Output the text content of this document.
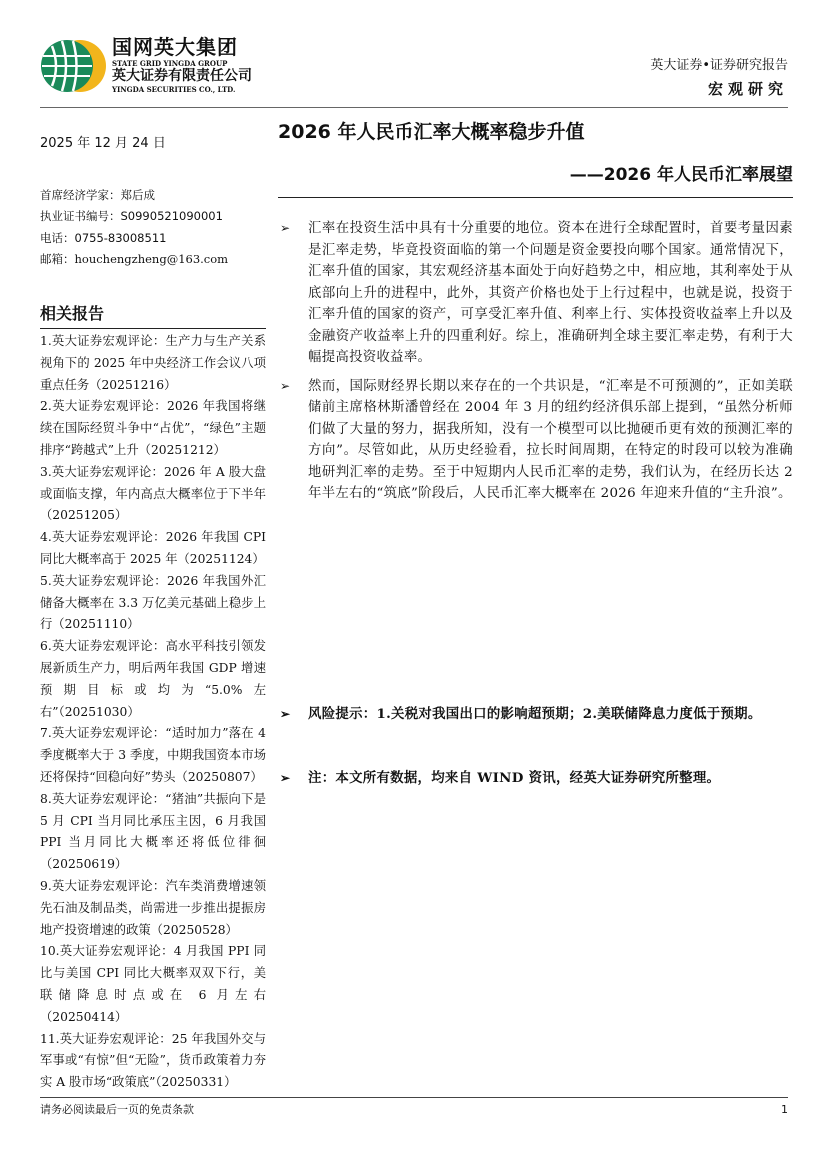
国网英大集团
STATE GRID YINGDA GROUP
英大证券有限责任公司
YINGDA SECURITIES CO., LTD.
英大证券•证券研究报告
宏观研究
2025 年 12 月 24 日
2026 年人民币汇率大概率稳步升值
——2026 年人民币汇率展望
首席经济学家：郑后成
执业证书编号：S0990521090001
电话：0755-83008511
邮箱：houchengzheng@163.com
相关报告
1.英大证券宏观评论：生产力与生产关系视角下的 2025 年中央经济工作会议八项重点任务（20251216）
2.英大证券宏观评论：2026 年我国将继续在国际经贸斗争中“占优”，“绿色”主题排序“跨越式”上升（20251212）
3.英大证券宏观评论：2026 年 A 股大盘或面临支撑，年内高点大概率位于下半年（20251205）
4.英大证券宏观评论：2026 年我国 CPI 同比大概率高于 2025 年（20251124）
5.英大证券宏观评论：2026 年我国外汇储备大概率在 3.3 万亿美元基础上稳步上行（20251110）
6.英大证券宏观评论：高水平科技引领发展新质生产力，明后两年我国 GDP 增速预期目标或均为“5.0%左右”（20251030）
7.英大证券宏观评论：“适时加力”落在 4 季度概率大于 3 季度，中期我国资本市场还将保持“回稳向好”势头（20250807）
8.英大证券宏观评论：“猪油”共振向下是 5 月 CPI 当月同比承压主因，6 月我国 PPI 当月同比大概率还将低位徘徊（20250619）
9.英大证券宏观评论：汽车类消费增速领先石油及制品类，尚需进一步推出提振房地产投资增速的政策（20250528）
10.英大证券宏观评论：4 月我国 PPI 同比与美国 CPI 同比大概率双双下行，美联储降息时点或在 6 月左右（20250414）
11.英大证券宏观评论：25 年我国外交与军事或“有惊”但“无险”，货币政策着力夯实 A 股市场“政策底”（20250331）
➢	汇率在投资生活中具有十分重要的地位。资本在进行全球配置时，首要考量因素是汇率走势，毕竟投资面临的第一个问题是资金要投向哪个国家。通常情况下，汇率升值的国家，其宏观经济基本面处于向好趋势之中，相应地，其利率处于从底部向上升的进程中，此外，其资产价格也处于上行过程中，也就是说，投资于汇率升值的国家的资产，可享受汇率升值、利率上行、实体投资收益率上升以及金融资产收益率上升的四重利好。综上，准确研判全球主要汇率走势，有利于大幅提高投资收益率。
➢	然而，国际财经界长期以来存在的一个共识是，“汇率是不可预测的”，正如美联储前主席格林斯潘曾经在 2004 年 3 月的纽约经济俱乐部上提到，“虽然分析师们做了大量的努力，据我所知，没有一个模型可以比抛硬币更有效的预测汇率的方向”。尽管如此，从历史经验看，拉长时间周期，在特定的时段可以较为准确地研判汇率的走势。至于中短期内人民币汇率的走势，我们认为，在经历长达 2 年半左右的“筑底”阶段后，人民币汇率大概率在 2026 年迎来升值的“主升浪”。
➢	风险提示：1.关税对我国出口的影响超预期；2.美联储降息力度低于预期。
➢	注：本文所有数据，均来自 WIND 资讯，经英大证券研究所整理。
请务必阅读最后一页的免责条款	1
